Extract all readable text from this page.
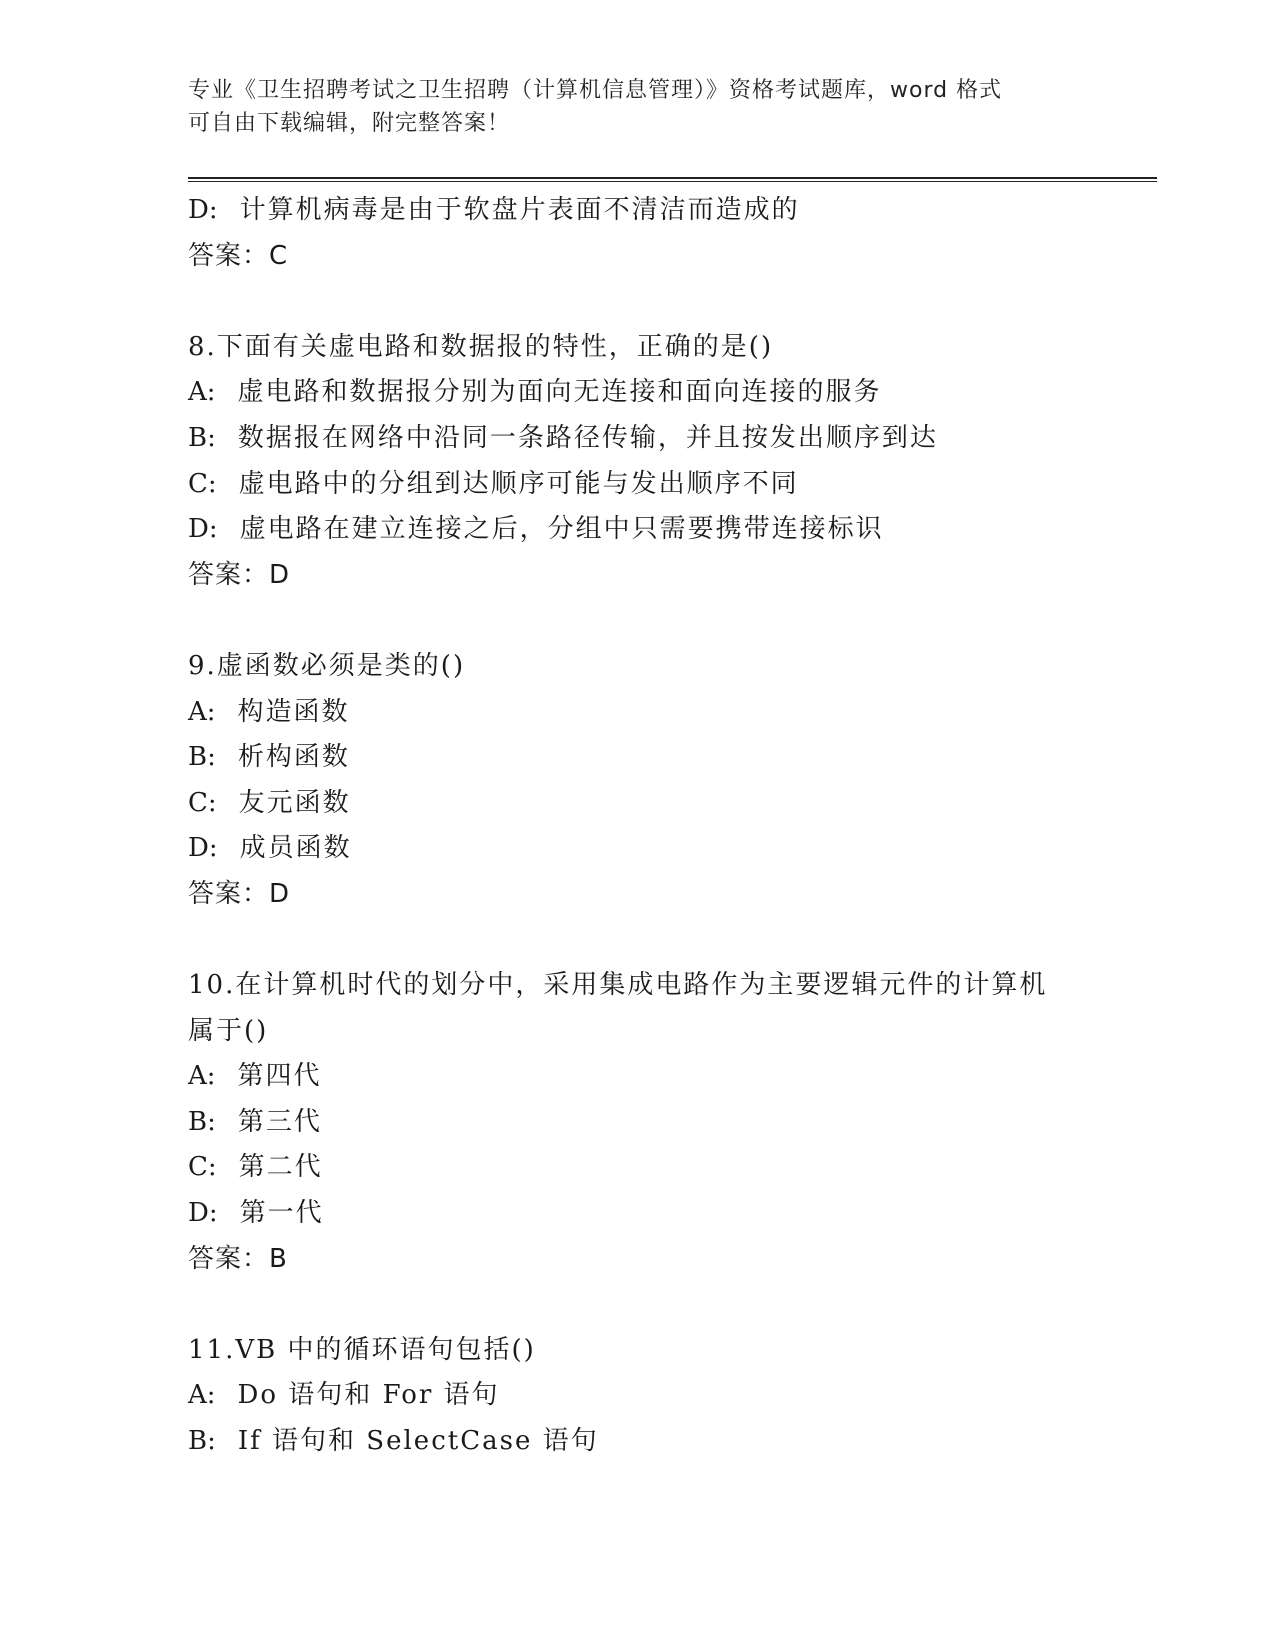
专业《卫生招聘考试之卫生招聘（计算机信息管理）》资格考试题库，word 格式
可自由下载编辑，附完整答案！
D: 计算机病毒是由于软盘片表面不清洁而造成的
答案：C
8.下面有关虚电路和数据报的特性，正确的是()
A: 虚电路和数据报分别为面向无连接和面向连接的服务
B: 数据报在网络中沿同一条路径传输，并且按发出顺序到达
C: 虚电路中的分组到达顺序可能与发出顺序不同
D: 虚电路在建立连接之后，分组中只需要携带连接标识
答案：D
9.虚函数必须是类的()
A: 构造函数
B: 析构函数
C: 友元函数
D: 成员函数
答案：D
10.在计算机时代的划分中，采用集成电路作为主要逻辑元件的计算机
属于()
A: 第四代
B: 第三代
C: 第二代
D: 第一代
答案：B
11.VB 中的循环语句包括()
A: Do 语句和 For 语句
B: If 语句和 SelectCase 语句
